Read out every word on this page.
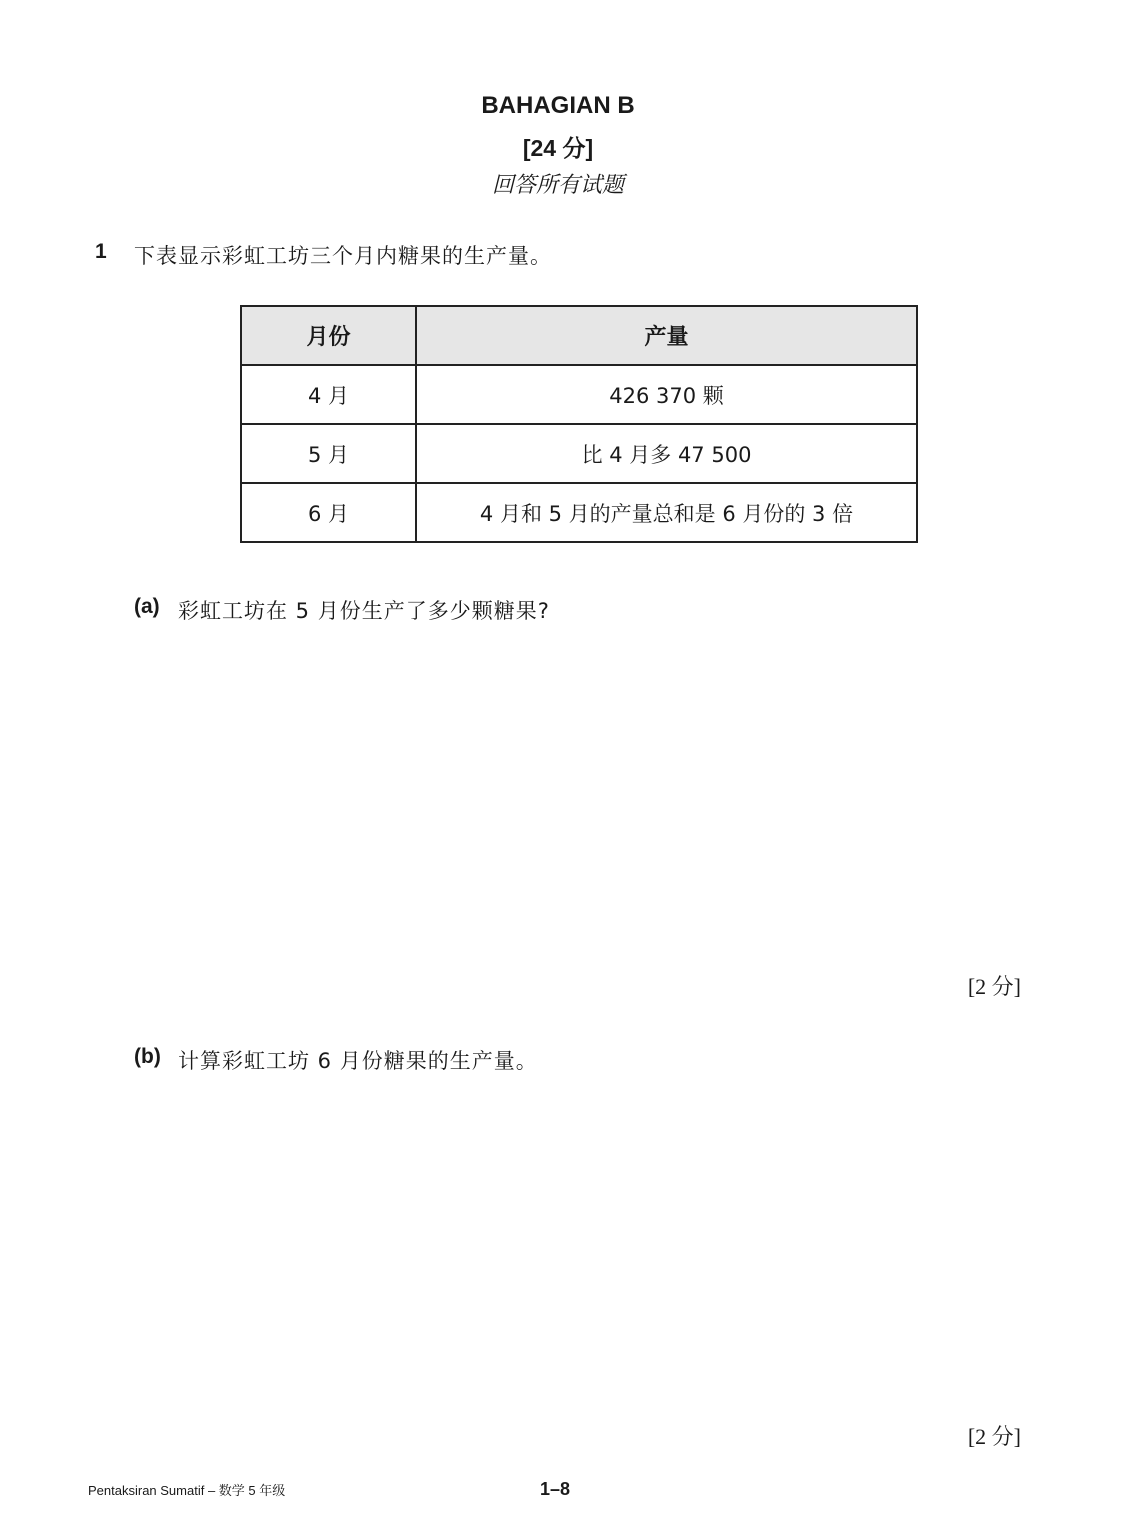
BAHAGIAN B
[24 分]
回答所有试题
1 下表显示彩虹工坊三个月内糖果的生产量。
月份	产量
4 月	426 370 颗
5 月	比 4 月多 47 500
6 月	4 月和 5 月的产量总和是 6 月份的 3 倍
(a) 彩虹工坊在 5 月份生产了多少颗糖果?
[2 分]
(b) 计算彩虹工坊 6 月份糖果的生产量。
[2 分]
Pentaksiran Sumatif – 数学 5 年级	1–8
